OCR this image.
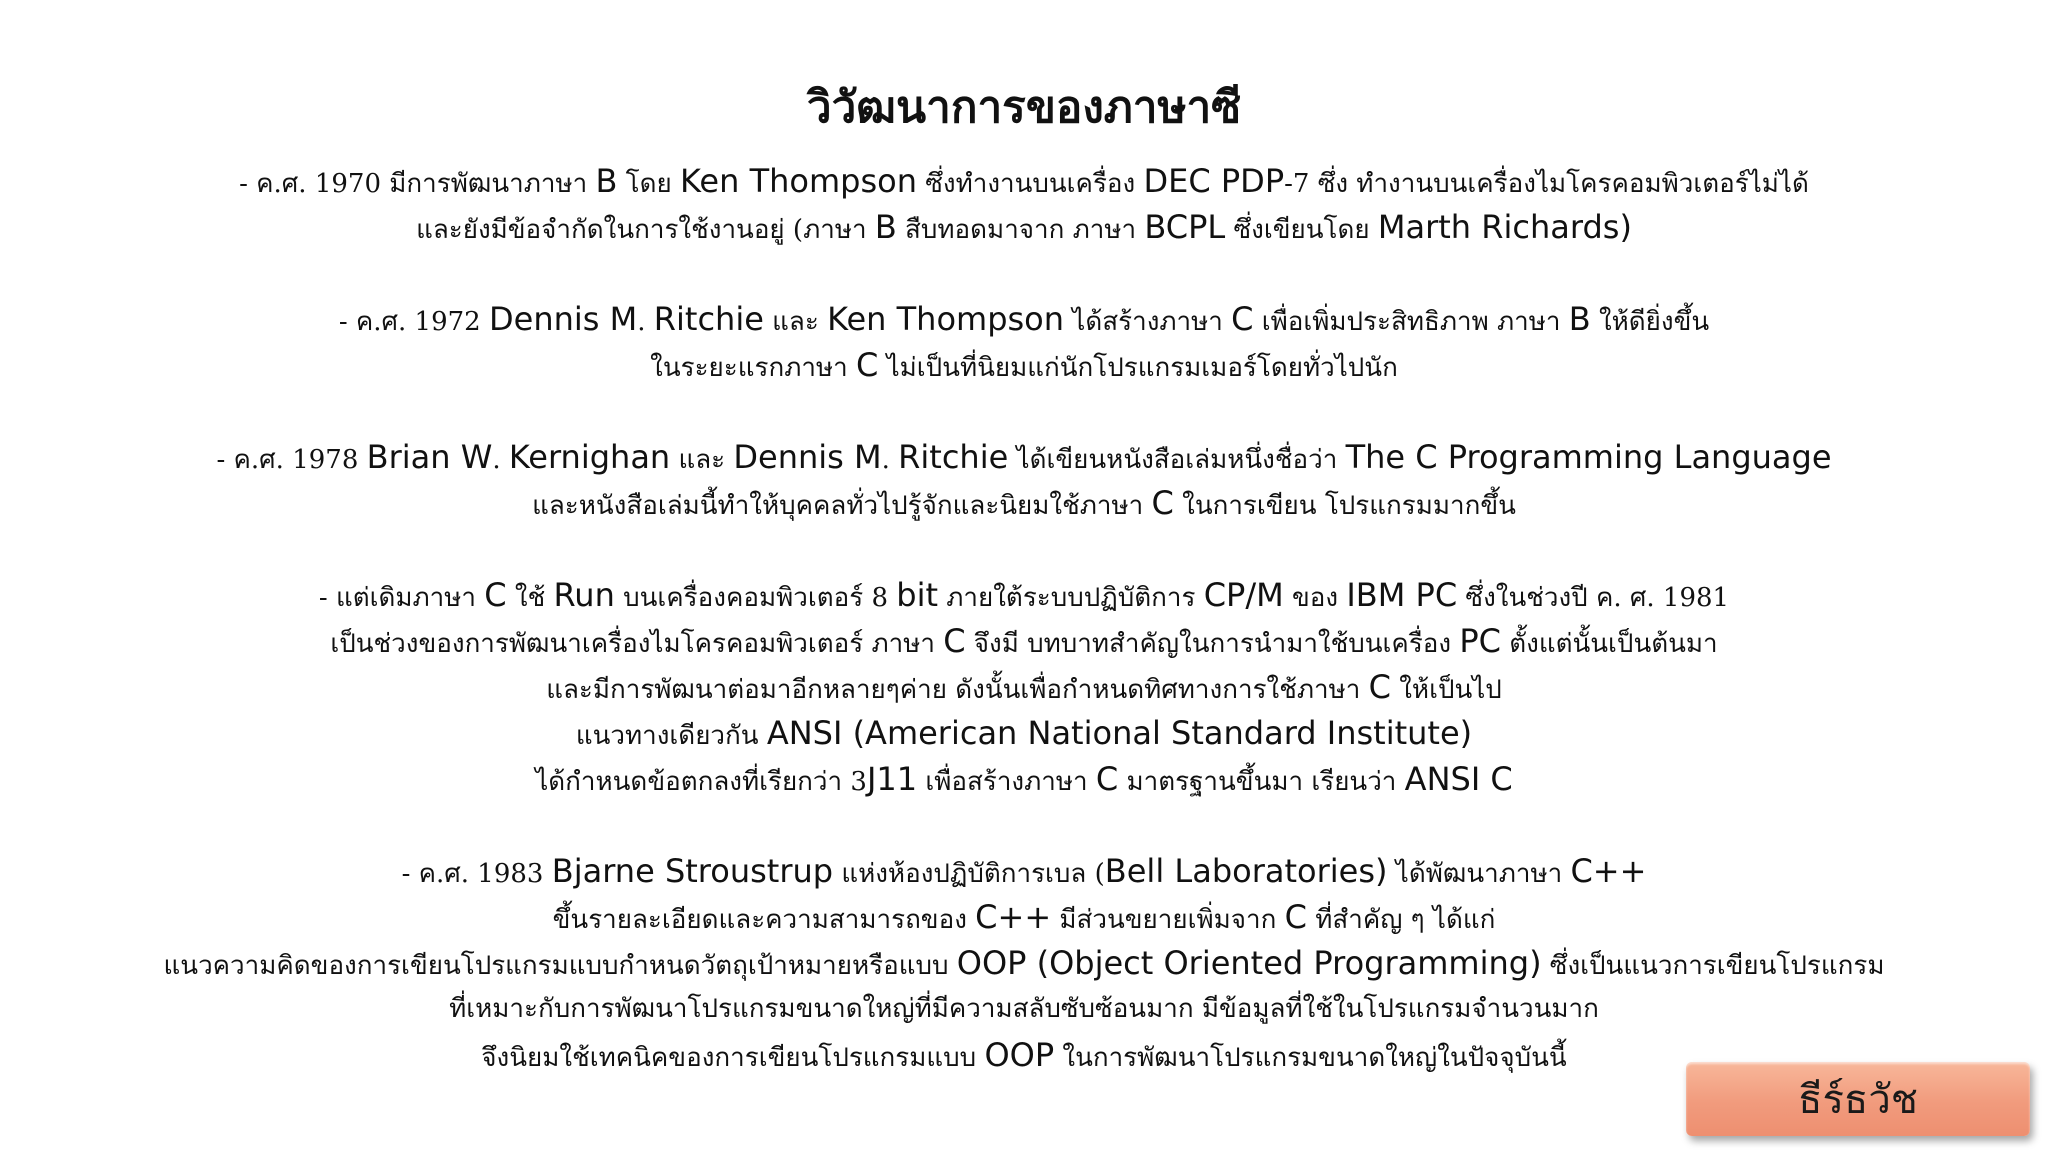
วิวัฒนาการของภาษาซี
- ค.ศ. 1970 มีการพัฒนาภาษา B โดย Ken Thompson ซึ่งทำงานบนเครื่อง DEC PDP-7 ซึ่ง ทำงานบนเครื่องไมโครคอมพิวเตอร์ไม่ได้
และยังมีข้อจำกัดในการใช้งานอยู่ (ภาษา B สืบทอดมาจาก ภาษา BCPL ซึ่งเขียนโดย Marth Richards)
- ค.ศ. 1972 Dennis M. Ritchie และ Ken Thompson ได้สร้างภาษา C เพื่อเพิ่มประสิทธิภาพ ภาษา B ให้ดียิ่งขึ้น
ในระยะแรกภาษา C ไม่เป็นที่นิยมแก่นักโปรแกรมเมอร์โดยทั่วไปนัก
- ค.ศ. 1978 Brian W. Kernighan และ Dennis M. Ritchie ได้เขียนหนังสือเล่มหนึ่งชื่อว่า The C Programming Language
และหนังสือเล่มนี้ทำให้บุคคลทั่วไปรู้จักและนิยมใช้ภาษา C ในการเขียน โปรแกรมมากขึ้น
- แต่เดิมภาษา C ใช้ Run บนเครื่องคอมพิวเตอร์ 8 bit ภายใต้ระบบปฏิบัติการ CP/M ของ IBM PC ซึ่งในช่วงปี ค. ศ. 1981
เป็นช่วงของการพัฒนาเครื่องไมโครคอมพิวเตอร์ ภาษา C จึงมี บทบาทสำคัญในการนำมาใช้บนเครื่อง PC ตั้งแต่นั้นเป็นต้นมา
และมีการพัฒนาต่อมาอีกหลายๆค่าย ดังนั้นเพื่อกำหนดทิศทางการใช้ภาษา C ให้เป็นไป
แนวทางเดียวกัน ANSI (American National Standard Institute)
ได้กำหนดข้อตกลงที่เรียกว่า 3J11 เพื่อสร้างภาษา C มาตรฐานขึ้นมา เรียนว่า ANSI C
- ค.ศ. 1983 Bjarne Stroustrup แห่งห้องปฏิบัติการเบล (Bell Laboratories) ได้พัฒนาภาษา C++
ขึ้นรายละเอียดและความสามารถของ C++ มีส่วนขยายเพิ่มจาก C ที่สำคัญ ๆ ได้แก่
แนวความคิดของการเขียนโปรแกรมแบบกำหนดวัตถุเป้าหมายหรือแบบ OOP (Object Oriented Programming) ซึ่งเป็นแนวการเขียนโปรแกรม
ที่เหมาะกับการพัฒนาโปรแกรมขนาดใหญ่ที่มีความสลับซับซ้อนมาก มีข้อมูลที่ใช้ในโปรแกรมจำนวนมาก
จึงนิยมใช้เทคนิคของการเขียนโปรแกรมแบบ OOP ในการพัฒนาโปรแกรมขนาดใหญ่ในปัจจุบันนี้
ธีร์ธวัช
